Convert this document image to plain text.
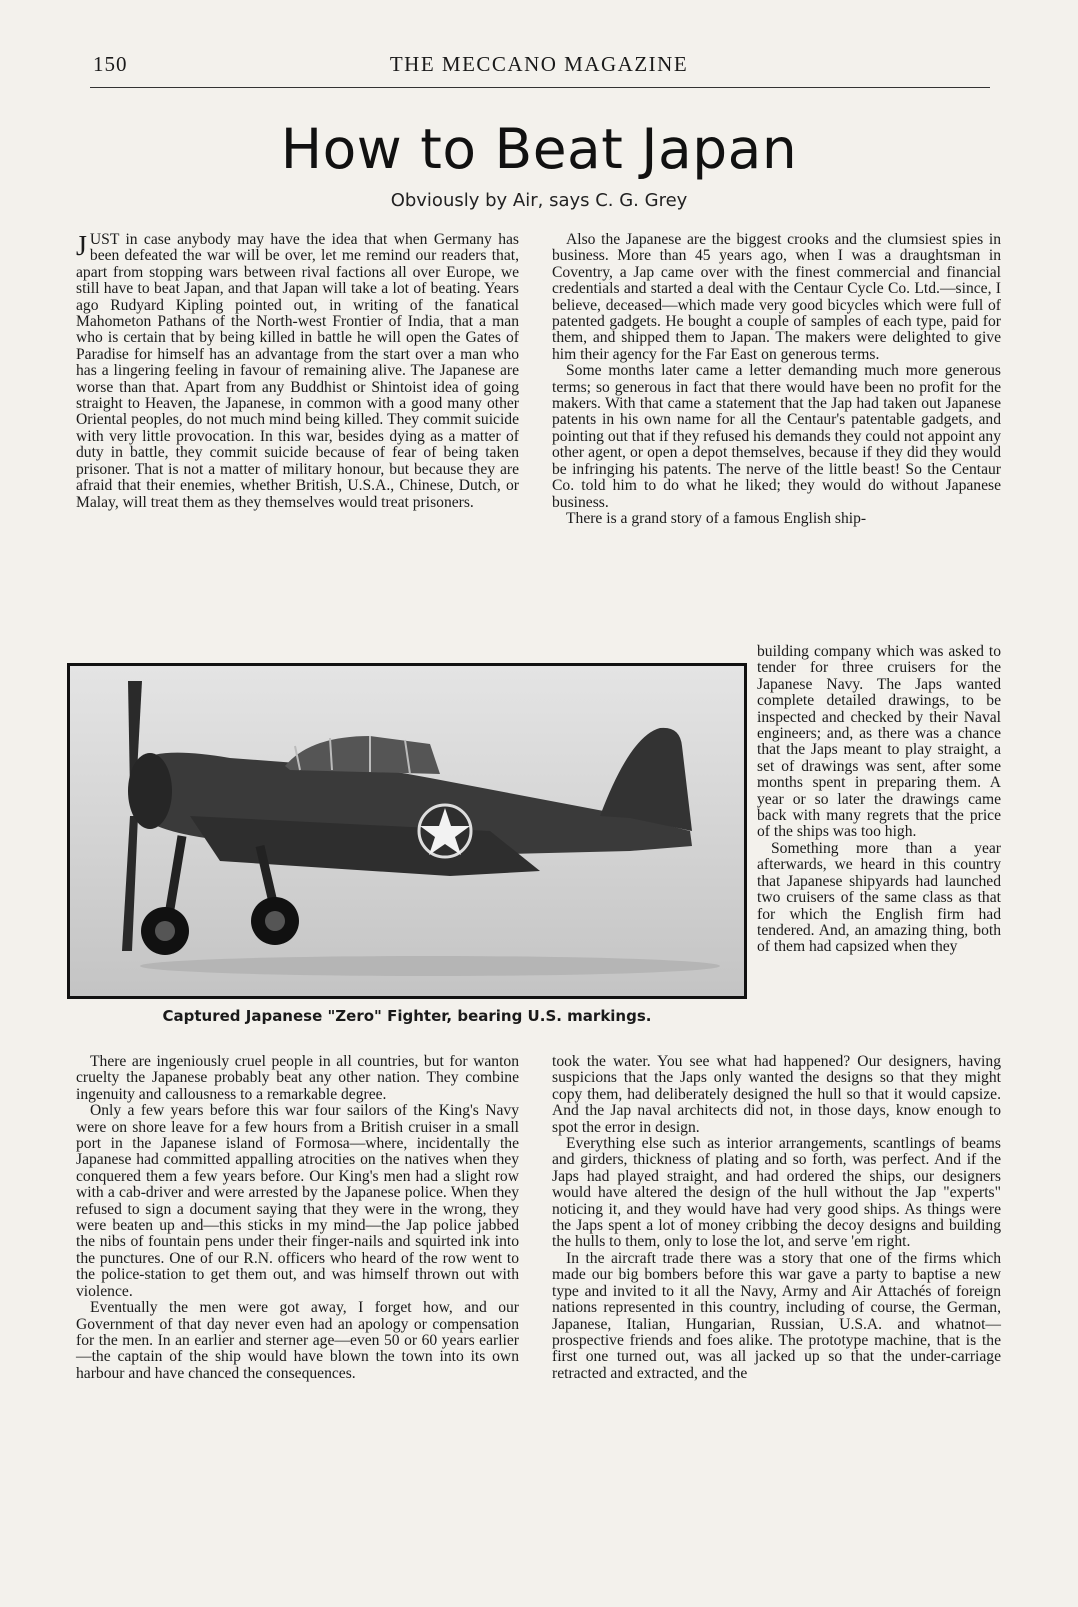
150	THE MECCANO MAGAZINE
How to Beat Japan
Obviously by Air, says C. G. Grey

JUST in case anybody may have the idea that when Germany has been defeated the war will be over, let me remind our readers that, apart from stopping wars between rival factions all over Europe, we still have to beat Japan, and that Japan will take a lot of beating. Years ago Rudyard Kipling pointed out, in writing of the fanatical Mahometon Pathans of the North-west Frontier of India, that a man who is certain that by being killed in battle he will open the Gates of Paradise for himself has an advantage from the start over a man who has a lingering feeling in favour of remaining alive. The Japanese are worse than that. Apart from any Buddhist or Shintoist idea of going straight to Heaven, the Japanese, in common with a good many other Oriental peoples, do not much mind being killed. They commit suicide with very little provocation. In this war, besides dying as a matter of duty in battle, they commit suicide because of fear of being taken prisoner. That is not a matter of military honour, but because they are afraid that their enemies, whether British, U.S.A., Chinese, Dutch, or Malay, will treat them as they themselves would treat prisoners.

Also the Japanese are the biggest crooks and the clumsiest spies in business. More than 45 years ago, when I was a draughtsman in Coventry, a Jap came over with the finest commercial and financial credentials and started a deal with the Centaur Cycle Co. Ltd.—since, I believe, deceased—which made very good bicycles which were full of patented gadgets. He bought a couple of samples of each type, paid for them, and shipped them to Japan. The makers were delighted to give him their agency for the Far East on generous terms.

Some months later came a letter demanding much more generous terms; so generous in fact that there would have been no profit for the makers. With that came a statement that the Jap had taken out Japanese patents in his own name for all the Centaur's patentable gadgets, and pointing out that if they refused his demands they could not appoint any other agent, or open a depot themselves, because if they did they would be infringing his patents. The nerve of the little beast! So the Centaur Co. told him to do what he liked; they would do without Japanese business.

There is a grand story of a famous English ship-

Captured Japanese "Zero" Fighter, bearing U.S. markings.

building company which was asked to tender for three cruisers for the Japanese Navy. The Japs wanted complete detailed drawings, to be inspected and checked by their Naval engineers; and, as there was a chance that the Japs meant to play straight, a set of drawings was sent, after some months spent in preparing them. A year or so later the drawings came back with many regrets that the price of the ships was too high.

Something more than a year afterwards, we heard in this country that Japanese shipyards had launched two cruisers of the same class as that for which the English firm had tendered. And, an amazing thing, both of them had capsized when they

There are ingeniously cruel people in all countries, but for wanton cruelty the Japanese probably beat any other nation. They combine ingenuity and callousness to a remarkable degree.

Only a few years before this war four sailors of the King's Navy were on shore leave for a few hours from a British cruiser in a small port in the Japanese island of Formosa—where, incidentally the Japanese had committed appalling atrocities on the natives when they conquered them a few years before. Our King's men had a slight row with a cab-driver and were arrested by the Japanese police. When they refused to sign a document saying that they were in the wrong, they were beaten up and—this sticks in my mind—the Jap police jabbed the nibs of fountain pens under their finger-nails and squirted ink into the punctures. One of our R.N. officers who heard of the row went to the police-station to get them out, and was himself thrown out with violence.

Eventually the men were got away, I forget how, and our Government of that day never even had an apology or compensation for the men. In an earlier and sterner age—even 50 or 60 years earlier—the captain of the ship would have blown the town into its own harbour and have chanced the consequences.

took the water. You see what had happened? Our designers, having suspicions that the Japs only wanted the designs so that they might copy them, had deliberately designed the hull so that it would capsize. And the Jap naval architects did not, in those days, know enough to spot the error in design.

Everything else such as interior arrangements, scantlings of beams and girders, thickness of plating and so forth, was perfect. And if the Japs had played straight, and had ordered the ships, our designers would have altered the design of the hull without the Jap "experts" noticing it, and they would have had very good ships. As things were the Japs spent a lot of money cribbing the decoy designs and building the hulls to them, only to lose the lot, and serve 'em right.

In the aircraft trade there was a story that one of the firms which made our big bombers before this war gave a party to baptise a new type and invited to it all the Navy, Army and Air Attachés of foreign nations represented in this country, including of course, the German, Japanese, Italian, Hungarian, Russian, U.S.A. and whatnot—prospective friends and foes alike. The prototype machine, that is the first one turned out, was all jacked up so that the under-carriage retracted and extracted, and the
